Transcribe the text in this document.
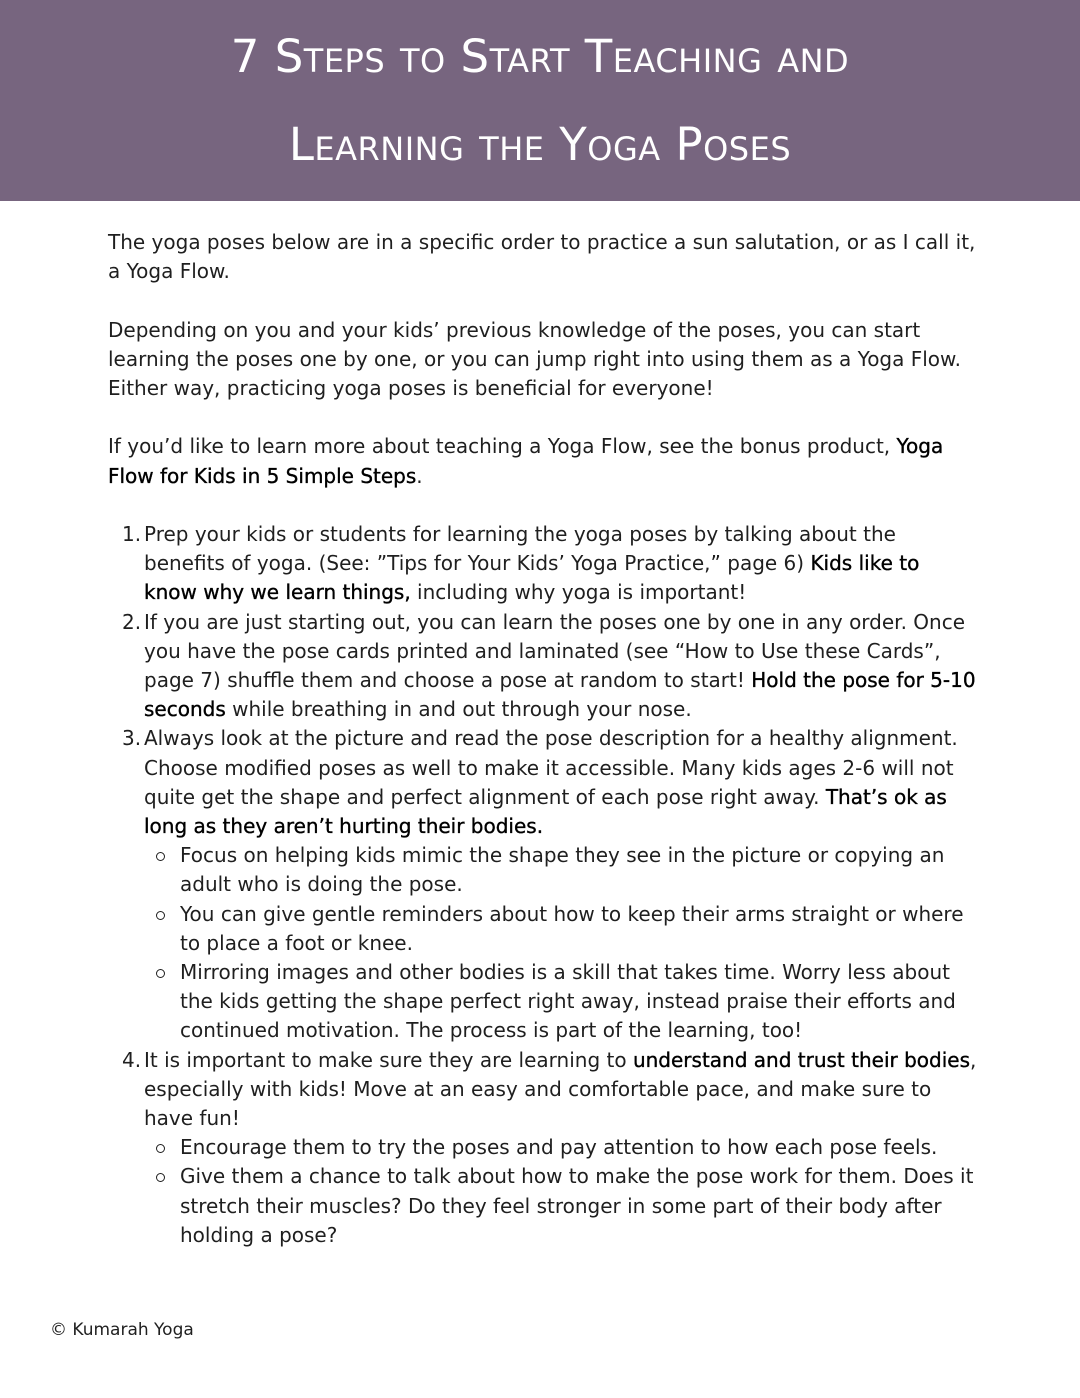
7 Steps to Start Teaching and
Learning the Yoga Poses

The yoga poses below are in a specific order to practice a sun salutation, or as I call it, a Yoga Flow.

Depending on you and your kids’ previous knowledge of the poses, you can start learning the poses one by one, or you can jump right into using them as a Yoga Flow. Either way, practicing yoga poses is beneficial for everyone!

If you’d like to learn more about teaching a Yoga Flow, see the bonus product, Yoga Flow for Kids in 5 Simple Steps.

Prep your kids or students for learning the yoga poses by talking about the benefits of yoga. (See: ”Tips for Your Kids’ Yoga Practice,” page 6) Kids like to know why we learn things, including why yoga is important!
If you are just starting out, you can learn the poses one by one in any order. Once you have the pose cards printed and laminated (see “How to Use these Cards”, page 7) shuffle them and choose a pose at random to start! Hold the pose for 5-10 seconds while breathing in and out through your nose.
Always look at the picture and read the pose description for a healthy alignment. Choose modified poses as well to make it accessible. Many kids ages 2-6 will not quite get the shape and perfect alignment of each pose right away. That’s ok as long as they aren’t hurting their bodies.
Focus on helping kids mimic the shape they see in the picture or copying an adult who is doing the pose.
You can give gentle reminders about how to keep their arms straight or where to place a foot or knee.
Mirroring images and other bodies is a skill that takes time. Worry less about the kids getting the shape perfect right away, instead praise their efforts and continued motivation. The process is part of the learning, too!
It is important to make sure they are learning to understand and trust their bodies, especially with kids! Move at an easy and comfortable pace, and make sure to have fun!
Encourage them to try the poses and pay attention to how each pose feels.
Give them a chance to talk about how to make the pose work for them. Does it stretch their muscles? Do they feel stronger in some part of their body after holding a pose?
© Kumarah Yoga
